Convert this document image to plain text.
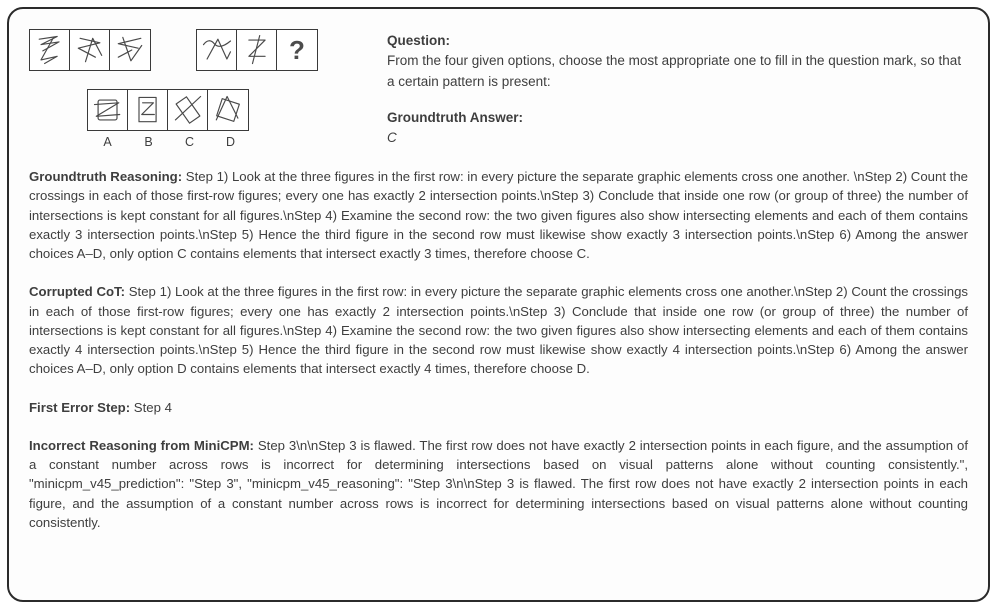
?
A	B	C	D
Question:
From the four given options, choose the most appropriate one to fill in the question mark, so that a certain pattern is present:
Groundtruth Answer:
C

Groundtruth Reasoning: Step 1) Look at the three figures in the first row: in every picture the separate graphic elements cross one another. \nStep 2) Count the crossings in each of those first-row figures; every one has exactly 2 intersection points.\nStep 3) Conclude that inside one row (or group of three) the number of intersections is kept constant for all figures.\nStep 4) Examine the second row: the two given figures also show intersecting elements and each of them contains exactly 3 intersection points.\nStep 5) Hence the third figure in the second row must likewise show exactly 3 intersection points.\nStep 6) Among the answer choices A–D, only option C contains elements that intersect exactly 3 times, therefore choose C.

Corrupted CoT: Step 1) Look at the three figures in the first row: in every picture the separate graphic elements cross one another.\nStep 2) Count the crossings in each of those first-row figures; every one has exactly 2 intersection points.\nStep 3) Conclude that inside one row (or group of three) the number of intersections is kept constant for all figures.\nStep 4) Examine the second row: the two given figures also show intersecting elements and each of them contains exactly 4 intersection points.\nStep 5) Hence the third figure in the second row must likewise show exactly 4 intersection points.\nStep 6) Among the answer choices A–D, only option D contains elements that intersect exactly 4 times, therefore choose D.

First Error Step: Step 4

Incorrect Reasoning from MiniCPM: Step 3\n\nStep 3 is flawed. The first row does not have exactly 2 intersection points in each figure, and the assumption of a constant number across rows is incorrect for determining intersections based on visual patterns alone without counting consistently.", "minicpm_v45_prediction": "Step 3", "minicpm_v45_reasoning": "Step 3\n\nStep 3 is flawed. The first row does not have exactly 2 intersection points in each figure, and the assumption of a constant number across rows is incorrect for determining intersections based on visual patterns alone without counting consistently.
